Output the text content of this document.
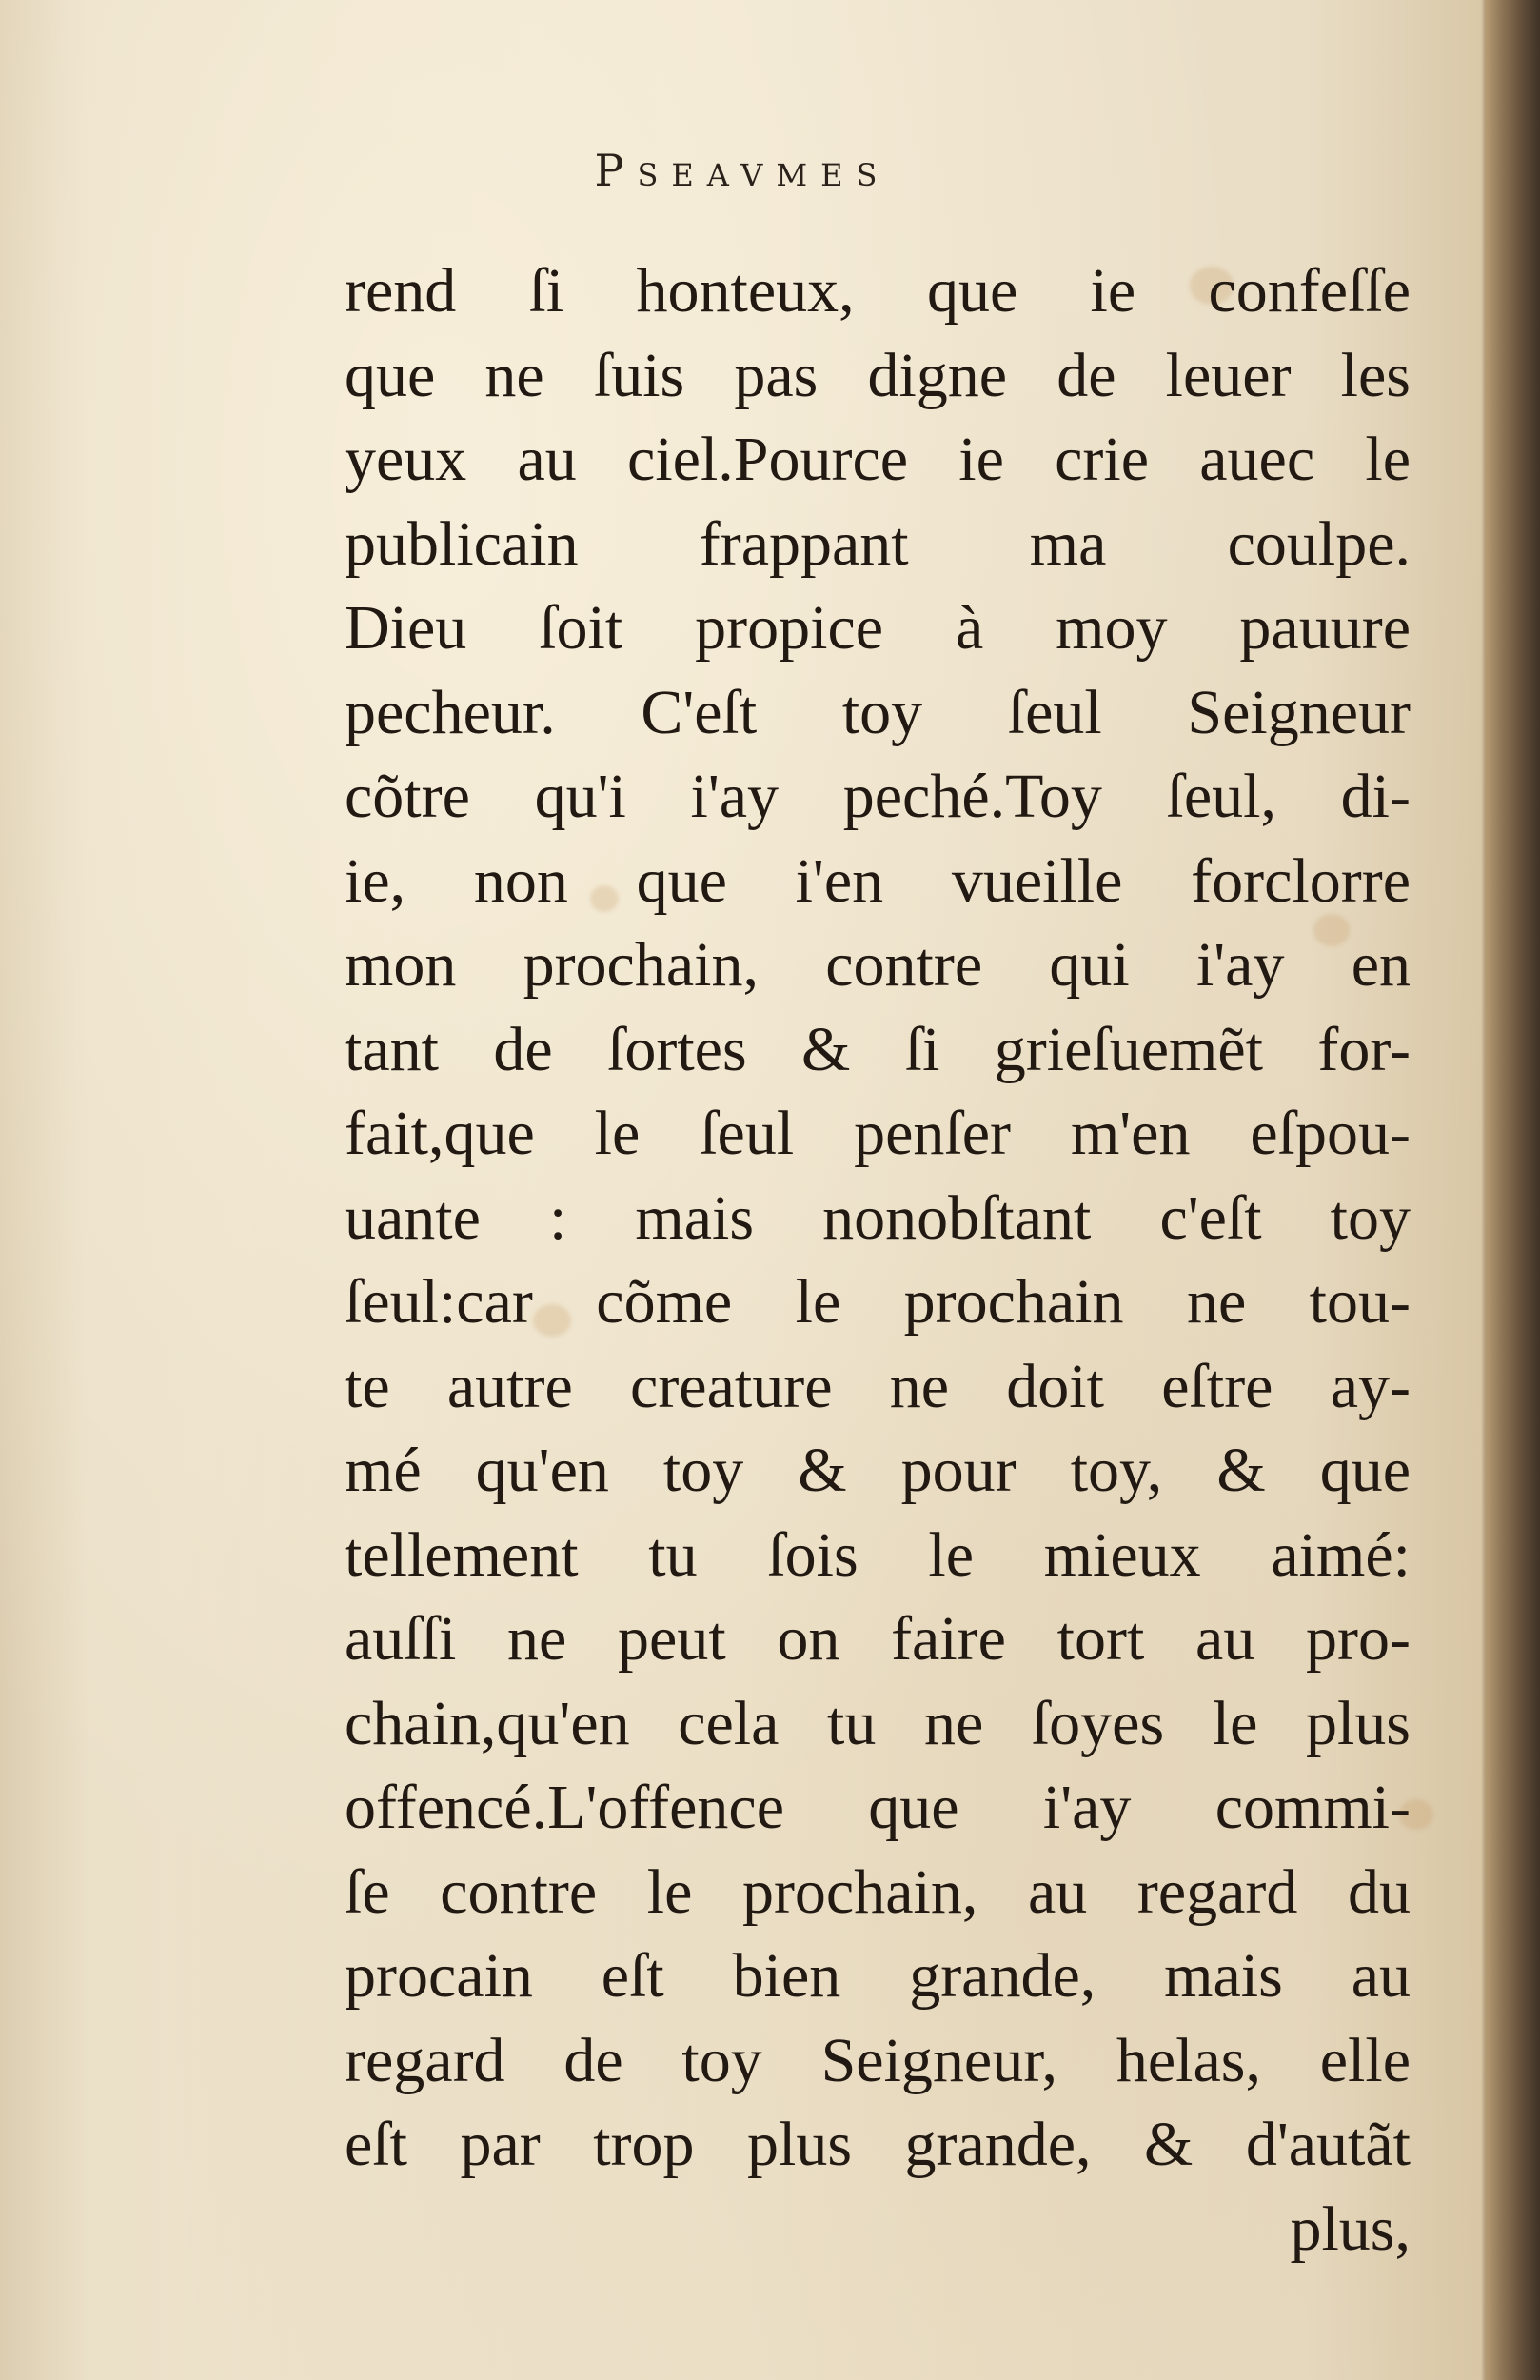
Pseavmes
rend ſi honteux, que ie confeſſe
que ne ſuis pas digne de leuer les
yeux au ciel.Pource ie crie auec le
publicain frappant ma coulpe.
Dieu ſoit propice à moy pauure
pecheur. C'eſt toy ſeul Seigneur
cõtre qu'i i'ay peché.Toy ſeul, di-
ie, non que i'en vueille forclorre
mon prochain, contre qui i'ay en
tant de ſortes & ſi grieſuemẽt for-
fait,que le ſeul penſer m'en eſpou-
uante : mais nonobſtant c'eſt toy
ſeul:car cõme le prochain ne tou-
te autre creature ne doit eſtre ay-
mé qu'en toy & pour toy, & que
tellement tu ſois le mieux aimé:
auſſi ne peut on faire tort au pro-
chain,qu'en cela tu ne ſoyes le plus
offencé.L'offence que i'ay commi-
ſe contre le prochain, au regard du
procain eſt bien grande, mais au
regard de toy Seigneur, helas, elle
eſt par trop plus grande, & d'autãt
plus,
